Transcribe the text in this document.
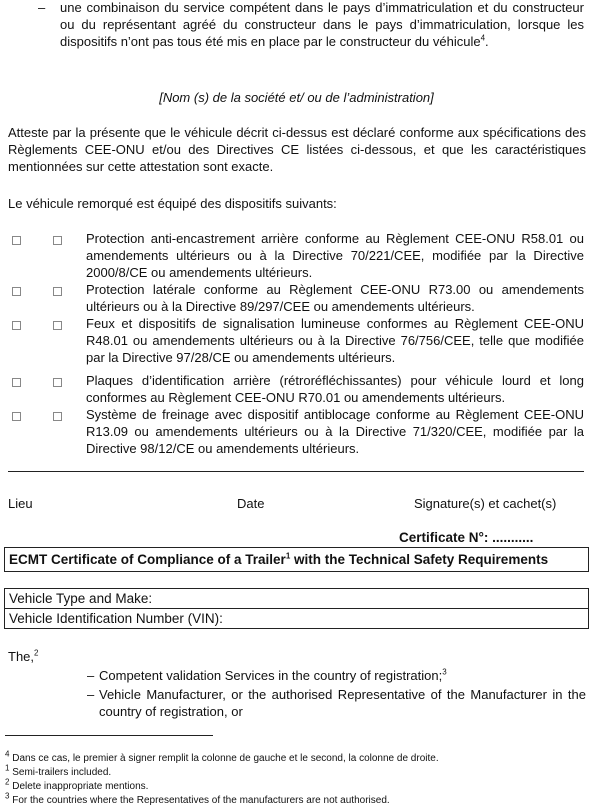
– une combinaison du service compétent dans le pays d’immatriculation et du constructeur ou du représentant agréé du constructeur dans le pays d’immatriculation, lorsque les dispositifs n’ont pas tous été mis en place par le constructeur du véhicule$^4$.
[Nom (s) de la société et/ ou de l’administration]
Atteste par la présente que le véhicule décrit ci-dessus est déclaré conforme aux spécifications des Règlements CEE-ONU et/ou des Directives CE listées ci-dessous, et que les caractéristiques mentionnées sur cette attestation sont exacte.
Le véhicule remorqué est équipé des dispositifs suivants:
Protection anti-encastrement arrière conforme au Règlement CEE-ONU R58.01 ou amendements ultérieurs ou à la Directive 70/221/CEE, modifiée par la Directive 2000/8/CE ou amendements ultérieurs.
Protection latérale conforme au Règlement CEE-ONU R73.00 ou amendements ultérieurs ou à la Directive 89/297/CEE ou amendements ultérieurs.
Feux et dispositifs de signalisation lumineuse conformes au Règlement CEE-ONU R48.01 ou amendements ultérieurs ou à la Directive 76/756/CEE, telle que modifiée par la Directive 97/28/CE ou amendements ultérieurs.
Plaques d’identification arrière (rétroréfléchissantes) pour véhicule lourd et long conformes au Règlement CEE-ONU R70.01 ou amendements ultérieurs.
Système de freinage avec dispositif antiblocage conforme au Règlement CEE-ONU R13.09 ou amendements ultérieurs ou à la Directive 71/320/CEE, modifiée par la Directive 98/12/CE ou amendements ultérieurs.
Lieu	Date	Signature(s) et cachet(s)
Certificate N°: ...........
ECMT Certificate of Compliance of a Trailer$^1$ with the Technical Safety Requirements
Vehicle Type and Make:
Vehicle Identification Number (VIN):
The,$^2$
– Competent validation Services in the country of registration;$^3$
– Vehicle Manufacturer, or the authorised Representative of the Manufacturer in the country of registration, or
$^4$ Dans ce cas, le premier à signer remplit la colonne de gauche et le second, la colonne de droite.
$^1$ Semi-trailers included.
$^2$ Delete inappropriate mentions.
$^3$ For the countries where the Representatives of the manufacturers are not authorised.
